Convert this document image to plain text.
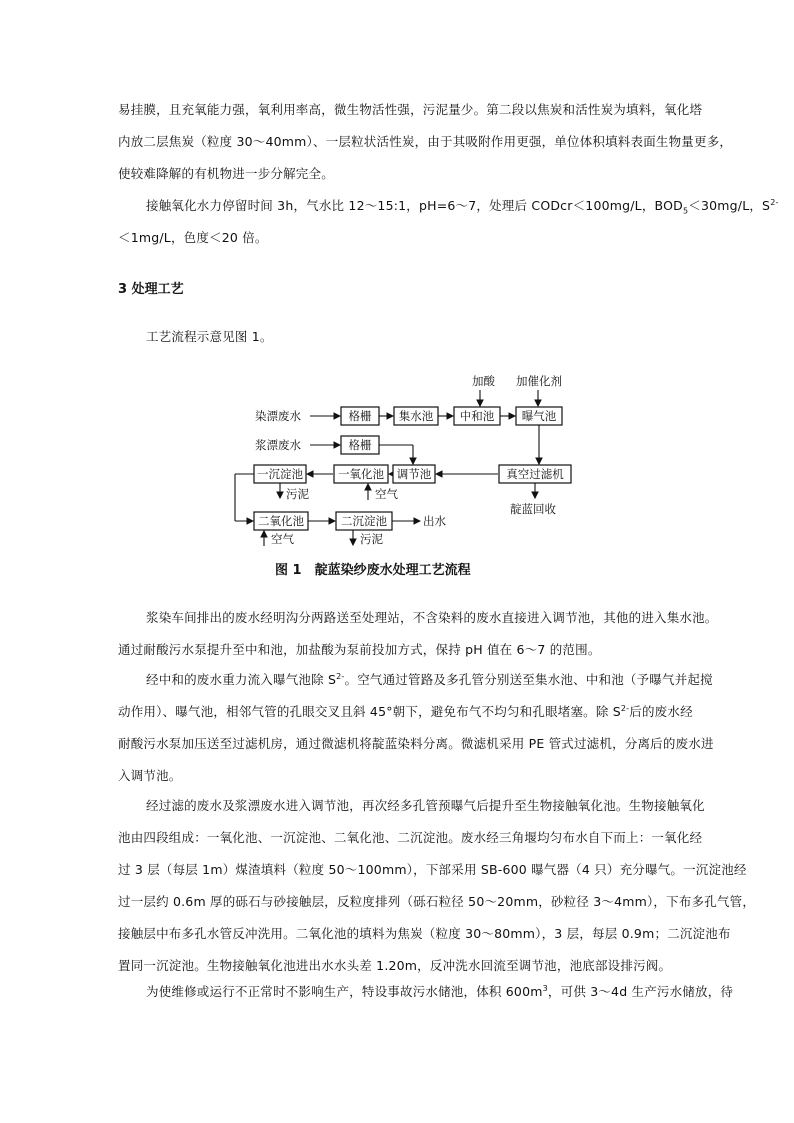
易挂膜，且充氧能力强，氧利用率高，微生物活性强，污泥量少。第二段以焦炭和活性炭为填料，氧化塔
内放二层焦炭（粒度 30～40mm）、一层粒状活性炭，由于其吸附作用更强，单位体积填料表面生物量更多，
使较难降解的有机物进一步分解完全。
接触氧化水力停留时间 3h，气水比 12～15:1，pH=6～7，处理后 CODcr＜100mg/L，$BOD_5<30mg/L$，$S^{2-}$
＜1mg/L，色度＜20 倍。
3 处理工艺
工艺流程示意见图 1。
加酸 加催化剂
染漂废水	格栅 集水池 中和池 曝气池
浆漂废水	格栅
一沉淀池	一氧化池 调节池	真空过滤机
污泥	空气
靛蓝回收
二氧化池	二沉淀池	出水
空气	污泥
图 1　靛蓝染纱废水处理工艺流程
浆染车间排出的废水经明沟分两路送至处理站，不含染料的废水直接进入调节池，其他的进入集水池。
通过耐酸污水泵提升至中和池，加盐酸为泵前投加方式，保持 pH 值在 6～7 的范围。
经中和的废水重力流入曝气池除 $S^{2-}$。空气通过管路及多孔管分别送至集水池、中和池（予曝气并起搅
动作用）、曝气池，相邻气管的孔眼交叉且斜 45°朝下，避免布气不均匀和孔眼堵塞。除 $S^{2-}$后的废水经
耐酸污水泵加压送至过滤机房，通过微滤机将靛蓝染料分离。微滤机采用 PE 管式过滤机，分离后的废水进
入调节池。
经过滤的废水及浆漂废水进入调节池，再次经多孔管预曝气后提升至生物接触氧化池。生物接触氧化
池由四段组成：一氧化池、一沉淀池、二氧化池、二沉淀池。废水经三角堰均匀布水自下而上：一氧化经
过 3 层（每层 1m）煤渣填料（粒度 50～100mm），下部采用 SB-600 曝气器（4 只）充分曝气。一沉淀池经
过一层约 0.6m 厚的砾石与砂接触层，反粒度排列（砾石粒径 50～20mm，砂粒径 3～4mm），下布多孔气管，
接触层中布多孔水管反冲洗用。二氧化池的填料为焦炭（粒度 30～80mm），3 层，每层 0.9m；二沉淀池布
置同一沉淀池。生物接触氧化池进出水水头差 1.20m，反冲洗水回流至调节池，池底部设排污阀。
为使维修或运行不正常时不影响生产，特设事故污水储池，体积 $600m^3$，可供 3～4d 生产污水储放，待
